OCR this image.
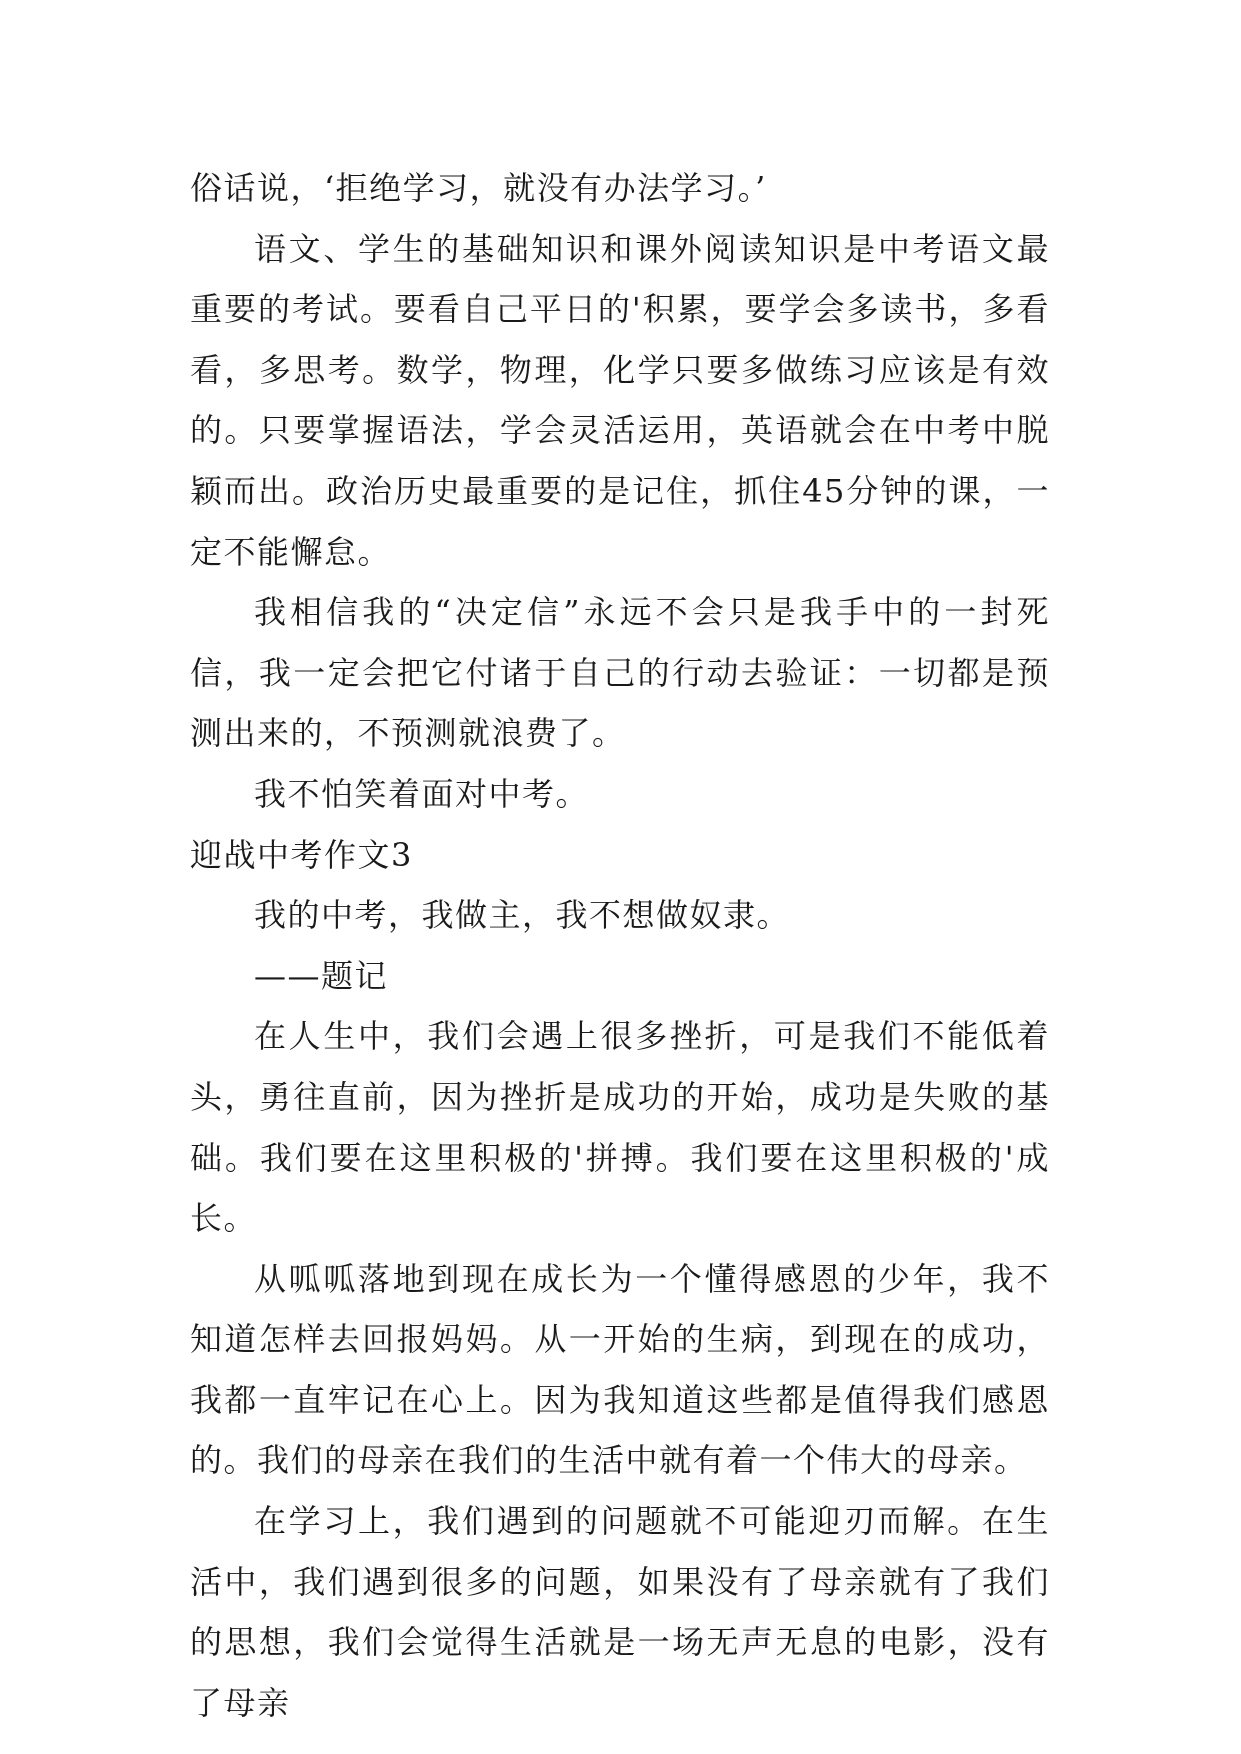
俗话说，‘拒绝学习，就没有办法学习。’

语文、学生的基础知识和课外阅读知识是中考语文最重要的考试。要看自己平日的'积累，要学会多读书，多看看，多思考。数学，物理，化学只要多做练习应该是有效的。只要掌握语法，学会灵活运用，英语就会在中考中脱颖而出。政治历史最重要的是记住，抓住45分钟的课，一定不能懈怠。

我相信我的“决定信”永远不会只是我手中的一封死信，我一定会把它付诸于自己的行动去验证：一切都是预测出来的，不预测就浪费了。

我不怕笑着面对中考。

迎战中考作文3

我的中考，我做主，我不想做奴隶。

——题记

在人生中，我们会遇上很多挫折，可是我们不能低着头，勇往直前，因为挫折是成功的开始，成功是失败的基础。我们要在这里积极的'拼搏。我们要在这里积极的'成长。

从呱呱落地到现在成长为一个懂得感恩的少年，我不知道怎样去回报妈妈。从一开始的生病，到现在的成功，我都一直牢记在心上。因为我知道这些都是值得我们感恩的。我们的母亲在我们的生活中就有着一个伟大的母亲。

在学习上，我们遇到的问题就不可能迎刃而解。在生活中，我们遇到很多的问题，如果没有了母亲就有了我们的思想，我们会觉得生活就是一场无声无息的电影，没有了母亲
